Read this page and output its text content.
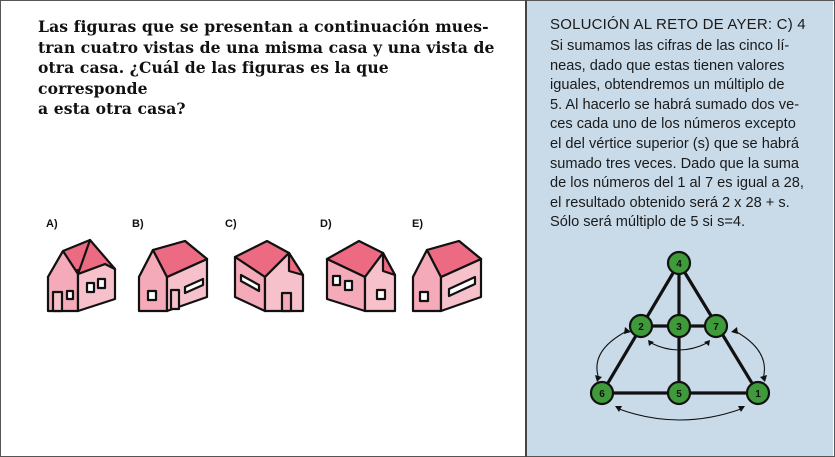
Las figuras que se presentan a continuación mues-
tran cuatro vistas de una misma casa y una vista de
otra casa. ¿Cuál de las figuras es la que corresponde
a esta otra casa?
A)	B)	C)	D)	E)
SOLUCIÓN AL RETO DE AYER: C) 4
Si sumamos las cifras de las cinco lí-
neas, dado que estas tienen valores
iguales, obtendremos un múltiplo de
5. Al hacerlo se habrá sumado dos ve-
ces cada uno de los números excepto
el del vértice superior (s) que se habrá
sumado tres veces. Dado que la suma
de los números del 1 al 7 es igual a 28,
el resultado obtenido será 2 x 28 + s.
Sólo será múltiplo de 5 si s=4.
4
2	3	7
6	5	1
